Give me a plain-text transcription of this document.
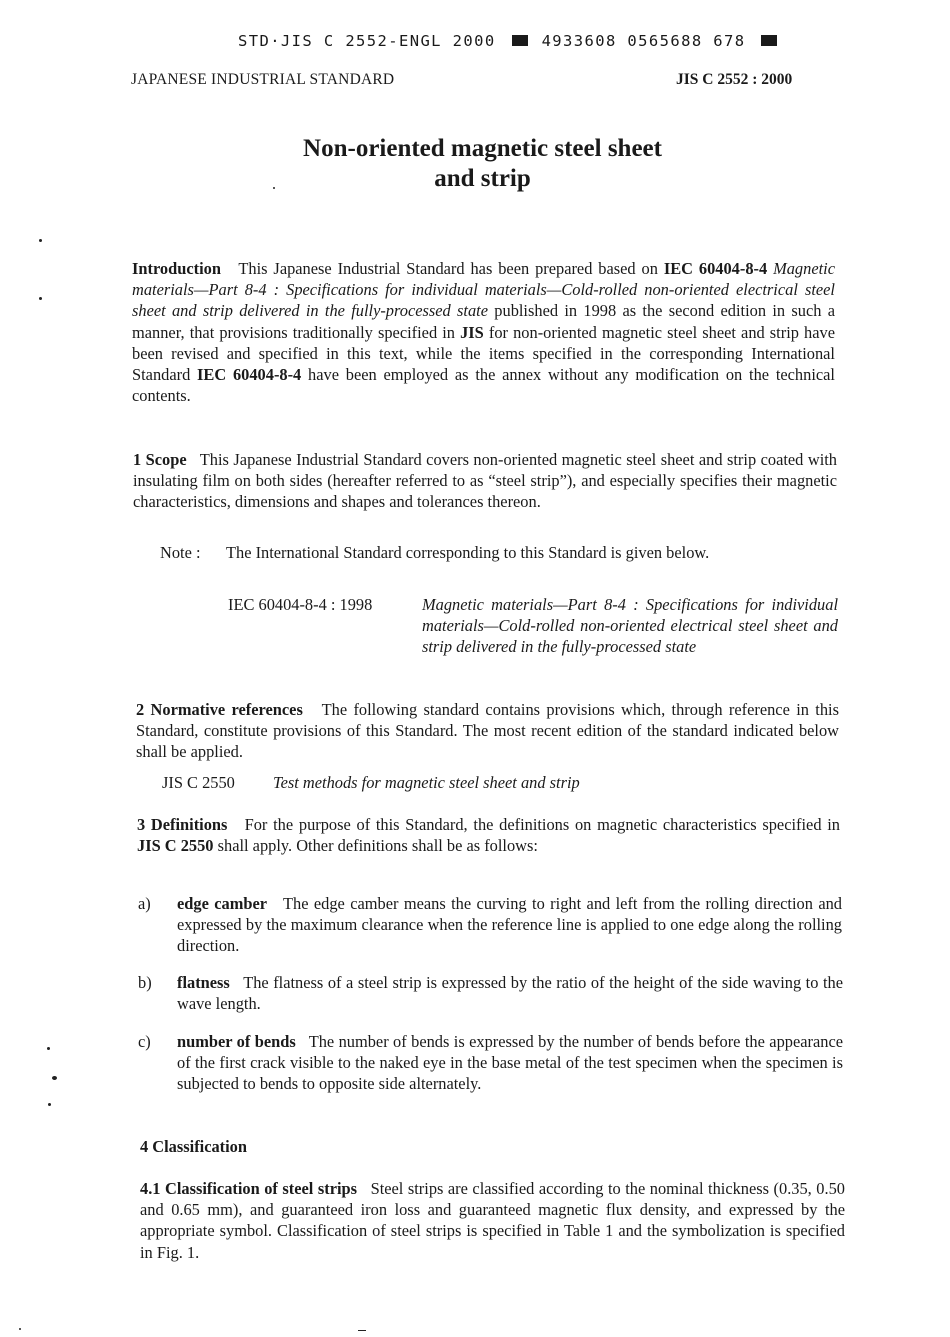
STD·JIS C 2552-ENGL 2000	4933608 0565688 678
JAPANESE INDUSTRIAL STANDARD	JIS C 2552 : 2000
Non-oriented magnetic steel sheet
and strip

Introduction This Japanese Industrial Standard has been prepared based on IEC 60404-8-4 Magnetic materials—Part 8-4 : Specifications for individual materials—Cold-rolled non-oriented electrical steel sheet and strip delivered in the fully-processed state published in 1998 as the second edition in such a manner, that provisions traditionally specified in JIS for non-oriented magnetic steel sheet and strip have been revised and specified in this text, while the items specified in the corresponding International Standard IEC 60404-8-4 have been employed as the annex without any modification on the technical contents.

1 Scope This Japanese Industrial Standard covers non-oriented magnetic steel sheet and strip coated with insulating film on both sides (hereafter referred to as “steel strip”), and especially specifies their magnetic characteristics, dimensions and shapes and tolerances thereon.

Note : The International Standard corresponding to this Standard is given below.

IEC 60404-8-4 : 1998	Magnetic materials—Part 8-4 : Specifications for individual materials—Cold-rolled non-oriented electrical steel sheet and strip delivered in the fully-processed state

2 Normative references The following standard contains provisions which, through reference in this Standard, constitute provisions of this Standard. The most recent edition of the standard indicated below shall be applied.

JIS C 2550 Test methods for magnetic steel sheet and strip

3 Definitions For the purpose of this Standard, the definitions on magnetic characteristics specified in JIS C 2550 shall apply. Other definitions shall be as follows:

a) edge camber The edge camber means the curving to right and left from the rolling direction and expressed by the maximum clearance when the reference line is applied to one edge along the rolling direction.

b) flatness The flatness of a steel strip is expressed by the ratio of the height of the side waving to the wave length.

c) number of bends The number of bends is expressed by the number of bends before the appearance of the first crack visible to the naked eye in the base metal of the test specimen when the specimen is subjected to bends to opposite side alternately.

4 Classification

4.1 Classification of steel strips Steel strips are classified according to the nominal thickness (0.35, 0.50 and 0.65 mm), and guaranteed iron loss and guaranteed magnetic flux density, and expressed by the appropriate symbol. Classification of steel strips is specified in Table 1 and the symbolization is specified in Fig. 1.
